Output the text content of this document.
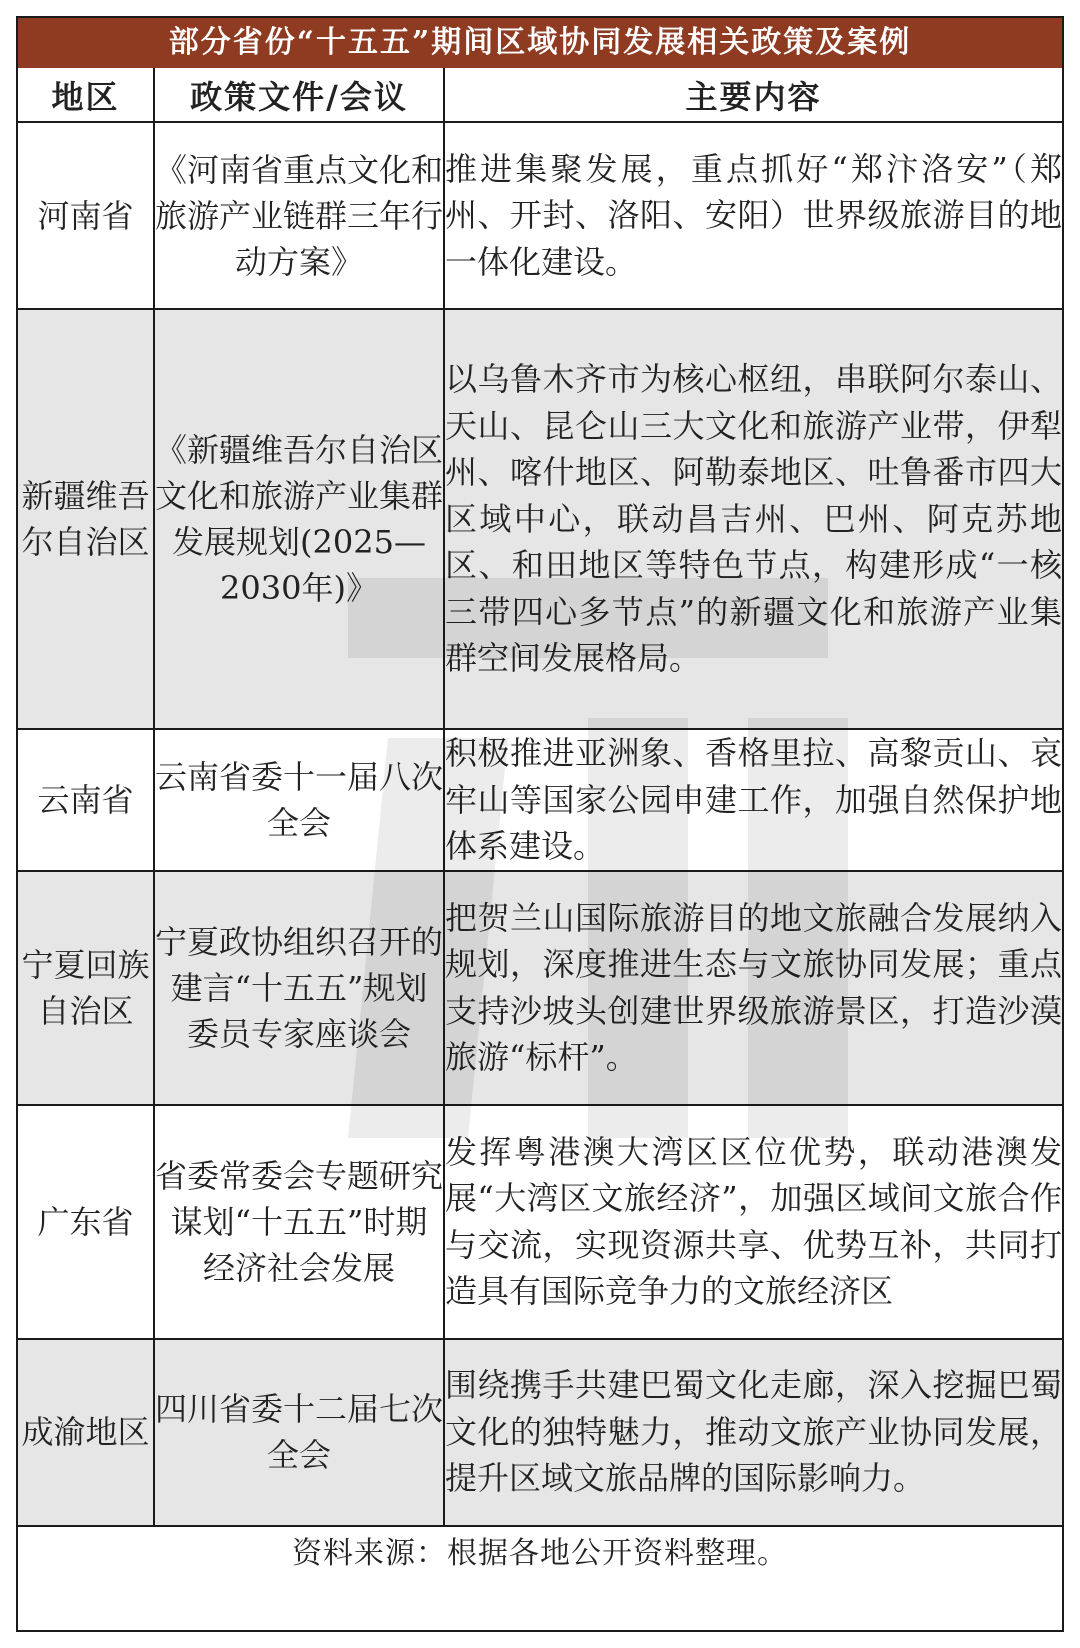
部分省份“十五五”期间区域协同发展相关政策及案例
地区	政策文件/会议	主要内容
河南省	《河南省重点文化和旅游产业链群三年行动方案》	推进集聚发展，重点抓好“郑汴洛安”（郑州、开封、洛阳、安阳）世界级旅游目的地一体化建设。
新疆维吾尔自治区	《新疆维吾尔自治区文化和旅游产业集群发展规划(2025—2030年)》	以乌鲁木齐市为核心枢纽，串联阿尔泰山、天山、昆仑山三大文化和旅游产业带，伊犁州、喀什地区、阿勒泰地区、吐鲁番市四大区域中心，联动昌吉州、巴州、阿克苏地区、和田地区等特色节点，构建形成“一核三带四心多节点”的新疆文化和旅游产业集群空间发展格局。
云南省	云南省委十一届八次全会	积极推进亚洲象、香格里拉、高黎贡山、哀牢山等国家公园申建工作，加强自然保护地体系建设。
宁夏回族自治区	宁夏政协组织召开的建言“十五五”规划委员专家座谈会	把贺兰山国际旅游目的地文旅融合发展纳入规划，深度推进生态与文旅协同发展；重点支持沙坡头创建世界级旅游景区，打造沙漠旅游“标杆”。
广东省	省委常委会专题研究谋划“十五五”时期经济社会发展	发挥粤港澳大湾区区位优势，联动港澳发展“大湾区文旅经济”，加强区域间文旅合作与交流，实现资源共享、优势互补，共同打造具有国际竞争力的文旅经济区
成渝地区	四川省委十二届七次全会	围绕携手共建巴蜀文化走廊，深入挖掘巴蜀文化的独特魅力，推动文旅产业协同发展，提升区域文旅品牌的国际影响力。
资料来源：根据各地公开资料整理。		
